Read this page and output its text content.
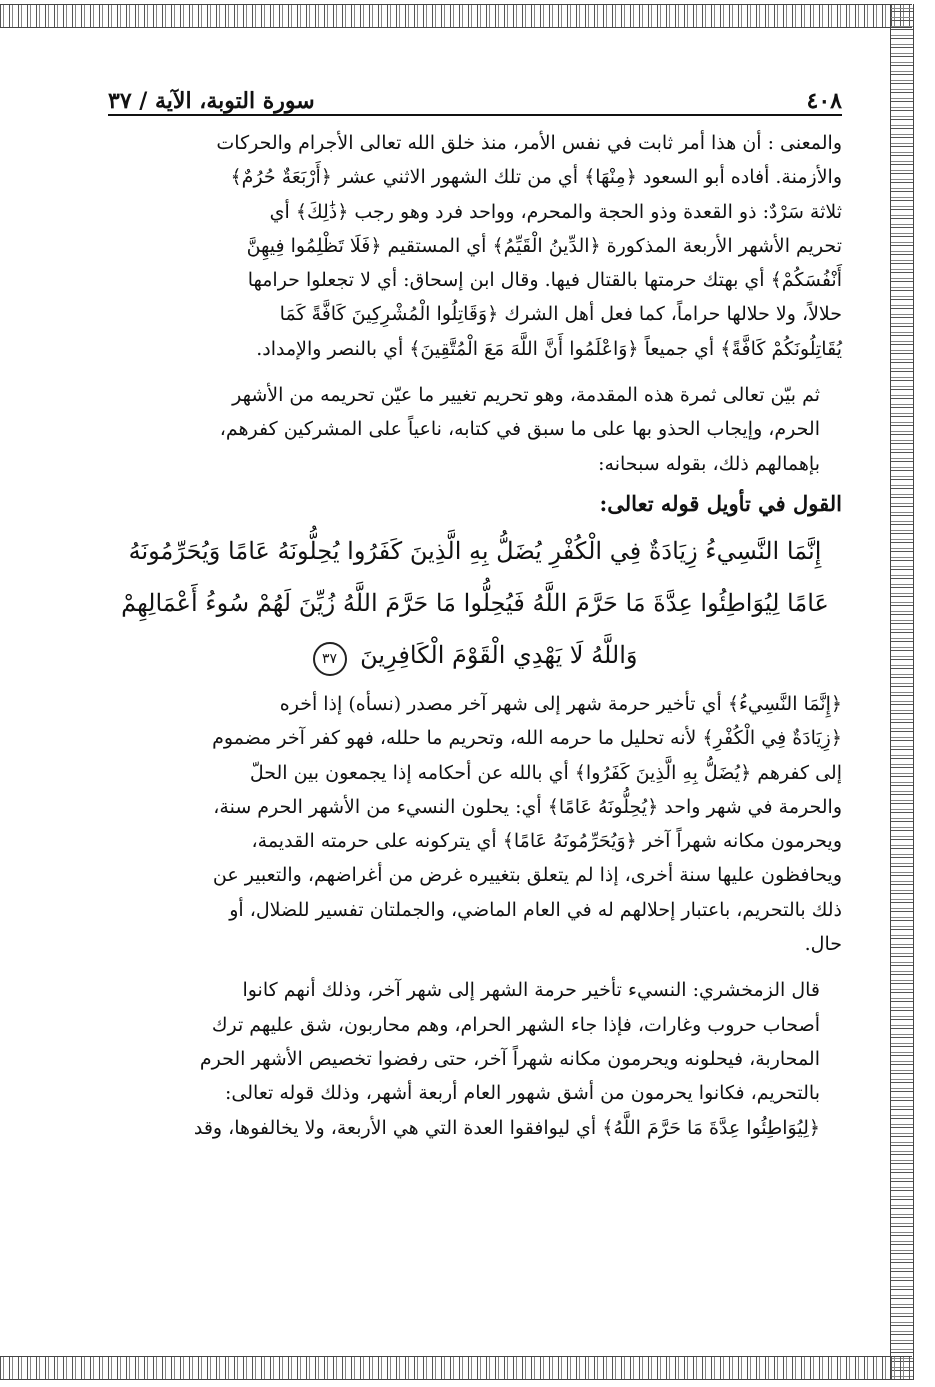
٤٠٨
سورة التوبة، الآية / ٣٧
والمعنى : أن هذا أمر ثابت في نفس الأمر، منذ خلق الله تعالى الأجرام والحركات
والأزمنة. أفاده أبو السعود ﴿مِنْهَا﴾ أي من تلك الشهور الاثني عشر ﴿أَرْبَعَةٌ حُرُمٌ﴾
ثلاثة سَرْدٌ: ذو القعدة وذو الحجة والمحرم، وواحد فرد وهو رجب ﴿ذَٰلِكَ﴾ أي
تحريم الأشهر الأربعة المذكورة ﴿الدِّينُ الْقَيِّمُ﴾ أي المستقيم ﴿فَلَا تَظْلِمُوا فِيهِنَّ
أَنْفُسَكُمْ﴾ أي بهتك حرمتها بالقتال فيها. وقال ابن إسحاق: أي لا تجعلوا حرامها
حلالاً، ولا حلالها حراماً، كما فعل أهل الشرك ﴿وَقَاتِلُوا الْمُشْرِكِينَ كَافَّةً كَمَا
يُقَاتِلُونَكُمْ كَافَّةً﴾ أي جميعاً ﴿وَاعْلَمُوا أَنَّ اللَّهَ مَعَ الْمُتَّقِينَ﴾ أي بالنصر والإمداد.
ثم بيّن تعالى ثمرة هذه المقدمة، وهو تحريم تغيير ما عيّن تحريمه من الأشهر
الحرم، وإيجاب الحذو بها على ما سبق في كتابه، ناعياً على المشركين كفرهم،
بإهمالهم ذلك، بقوله سبحانه:
القول في تأويل قوله تعالى:
إِنَّمَا النَّسِيءُ زِيَادَةٌ فِي الْكُفْرِ يُضَلُّ بِهِ الَّذِينَ كَفَرُوا يُحِلُّونَهُ عَامًا وَيُحَرِّمُونَهُ
عَامًا لِيُوَاطِئُوا عِدَّةَ مَا حَرَّمَ اللَّهُ فَيُحِلُّوا مَا حَرَّمَ اللَّهُ زُيِّنَ لَهُمْ سُوءُ أَعْمَالِهِمْ
وَاللَّهُ لَا يَهْدِي الْقَوْمَ الْكَافِرِينَ ٣٧
﴿إِنَّمَا النَّسِيءُ﴾ أي تأخير حرمة شهر إلى شهر آخر مصدر (نسأه) إذا أخره
﴿زِيَادَةٌ فِي الْكُفْرِ﴾ لأنه تحليل ما حرمه الله، وتحريم ما حلله، فهو كفر آخر مضموم
إلى كفرهم ﴿يُضَلُّ بِهِ الَّذِينَ كَفَرُوا﴾ أي بالله عن أحكامه إذا يجمعون بين الحلّ
والحرمة في شهر واحد ﴿يُحِلُّونَهُ عَامًا﴾ أي: يحلون النسيء من الأشهر الحرم سنة،
ويحرمون مكانه شهراً آخر ﴿وَيُحَرِّمُونَهُ عَامًا﴾ أي يتركونه على حرمته القديمة،
ويحافظون عليها سنة أخرى، إذا لم يتعلق بتغييره غرض من أغراضهم، والتعبير عن
ذلك بالتحريم، باعتبار إحلالهم له في العام الماضي، والجملتان تفسير للضلال، أو
حال.
قال الزمخشري: النسيء تأخير حرمة الشهر إلى شهر آخر، وذلك أنهم كانوا
أصحاب حروب وغارات، فإذا جاء الشهر الحرام، وهم محاربون، شق عليهم ترك
المحاربة، فيحلونه ويحرمون مكانه شهراً آخر، حتى رفضوا تخصيص الأشهر الحرم
بالتحريم، فكانوا يحرمون من أشق شهور العام أربعة أشهر، وذلك قوله تعالى:
﴿لِيُوَاطِئُوا عِدَّةَ مَا حَرَّمَ اللَّهُ﴾ أي ليوافقوا العدة التي هي الأربعة، ولا يخالفوها، وقد
